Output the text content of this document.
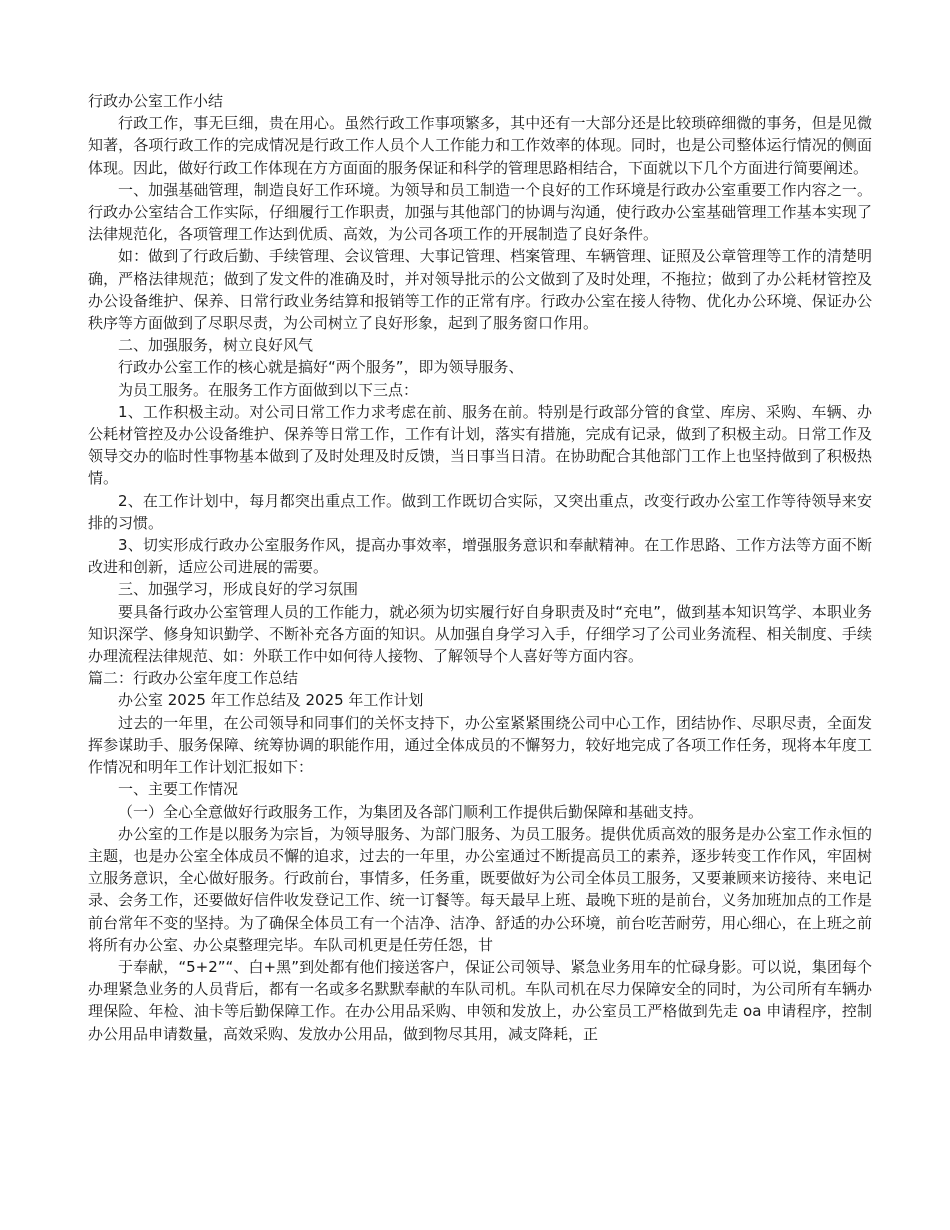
行政办公室工作小结

行政工作，事无巨细，贵在用心。虽然行政工作事项繁多，其中还有一大部分还是比较琐碎细微的事务，但是见微知著，各项行政工作的完成情况是行政工作人员个人工作能力和工作效率的体现。同时，也是公司整体运行情况的侧面体现。因此，做好行政工作体现在方方面面的服务保证和科学的管理思路相结合，下面就以下几个方面进行简要阐述。

一、加强基础管理，制造良好工作环境。为领导和员工制造一个良好的工作环境是行政办公室重要工作内容之一。行政办公室结合工作实际，仔细履行工作职责，加强与其他部门的协调与沟通，使行政办公室基础管理工作基本实现了法律规范化，各项管理工作达到优质、高效，为公司各项工作的开展制造了良好条件。

如：做到了行政后勤、手续管理、会议管理、大事记管理、档案管理、车辆管理、证照及公章管理等工作的清楚明确，严格法律规范；做到了发文件的准确及时，并对领导批示的公文做到了及时处理，不拖拉；做到了办公耗材管控及办公设备维护、保养、日常行政业务结算和报销等工作的正常有序。行政办公室在接人待物、优化办公环境、保证办公秩序等方面做到了尽职尽责，为公司树立了良好形象，起到了服务窗口作用。

二、加强服务，树立良好风气

行政办公室工作的核心就是搞好“两个服务”，即为领导服务、

为员工服务。在服务工作方面做到以下三点：

1、工作积极主动。对公司日常工作力求考虑在前、服务在前。特别是行政部分管的食堂、库房、采购、车辆、办公耗材管控及办公设备维护、保养等日常工作，工作有计划，落实有措施，完成有记录，做到了积极主动。日常工作及领导交办的临时性事物基本做到了及时处理及时反馈，当日事当日清。在协助配合其他部门工作上也坚持做到了积极热情。

2、在工作计划中，每月都突出重点工作。做到工作既切合实际，又突出重点，改变行政办公室工作等待领导来安排的习惯。

3、切实形成行政办公室服务作风，提高办事效率，增强服务意识和奉献精神。在工作思路、工作方法等方面不断改进和创新，适应公司进展的需要。

三、加强学习，形成良好的学习氛围

要具备行政办公室管理人员的工作能力，就必须为切实履行好自身职责及时“充电”，做到基本知识笃学、本职业务知识深学、修身知识勤学、不断补充各方面的知识。从加强自身学习入手，仔细学习了公司业务流程、相关制度、手续办理流程法律规范、如：外联工作中如何待人接物、了解领导个人喜好等方面内容。

篇二：行政办公室年度工作总结

办公室 2025 年工作总结及 2025 年工作计划

过去的一年里，在公司领导和同事们的关怀支持下，办公室紧紧围绕公司中心工作，团结协作、尽职尽责，全面发挥参谋助手、服务保障、统筹协调的职能作用，通过全体成员的不懈努力，较好地完成了各项工作任务，现将本年度工作情况和明年工作计划汇报如下：

一、主要工作情况

（一）全心全意做好行政服务工作，为集团及各部门顺利工作提供后勤保障和基础支持。

办公室的工作是以服务为宗旨，为领导服务、为部门服务、为员工服务。提供优质高效的服务是办公室工作永恒的主题，也是办公室全体成员不懈的追求，过去的一年里，办公室通过不断提高员工的素养，逐步转变工作作风，牢固树立服务意识，全心做好服务。行政前台，事情多，任务重，既要做好为公司全体员工服务，又要兼顾来访接待、来电记录、会务工作，还要做好信件收发登记工作、统一订餐等。每天最早上班、最晚下班的是前台，义务加班加点的工作是前台常年不变的坚持。为了确保全体员工有一个洁净、洁净、舒适的办公环境，前台吃苦耐劳，用心细心，在上班之前将所有办公室、办公桌整理完毕。车队司机更是任劳任怨，甘

于奉献，“5+2”“、白+黑”到处都有他们接送客户，保证公司领导、紧急业务用车的忙碌身影。可以说，集团每个办理紧急业务的人员背后，都有一名或多名默默奉献的车队司机。车队司机在尽力保障安全的同时，为公司所有车辆办理保险、年检、油卡等后勤保障工作。在办公用品采购、申领和发放上，办公室员工严格做到先走 oa 申请程序，控制办公用品申请数量，高效采购、发放办公用品，做到物尽其用，减支降耗，正
